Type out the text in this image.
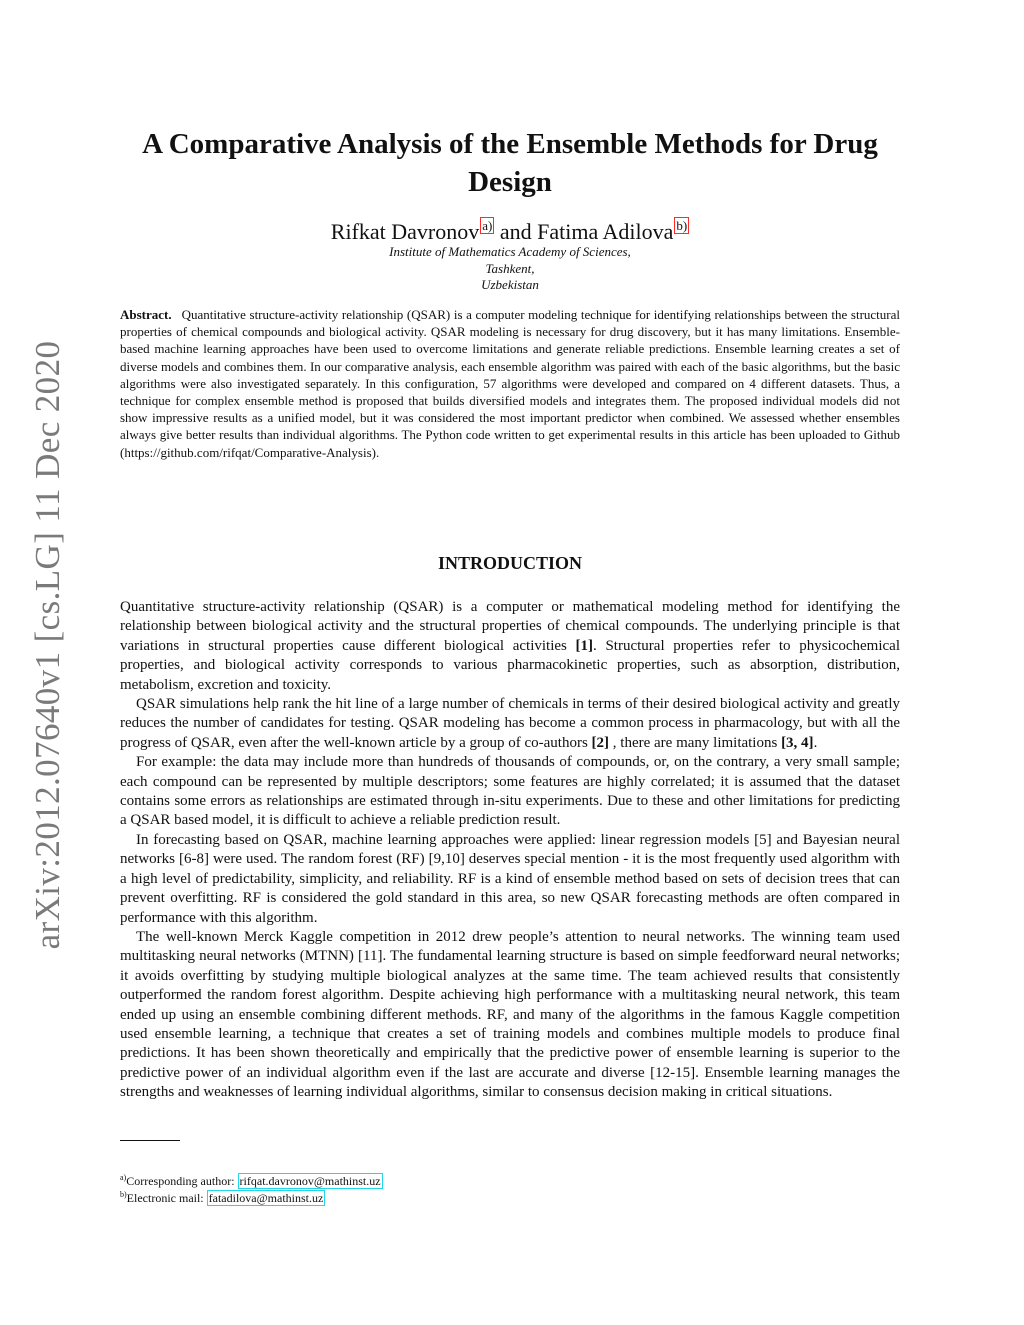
arXiv:2012.07640v1 [cs.LG] 11 Dec 2020
A Comparative Analysis of the Ensemble Methods for Drug Design
Rifkat Davronov $^{a)}$ and Fatima Adilova $^{b)}$
Institute of Mathematics Academy of Sciences,
Tashkent,
Uzbekistan

Abstract. Quantitative structure-activity relationship (QSAR) is a computer modeling technique for identifying relationships between the structural properties of chemical compounds and biological activity. QSAR modeling is necessary for drug discovery, but it has many limitations. Ensemble-based machine learning approaches have been used to overcome limitations and generate reliable predictions. Ensemble learning creates a set of diverse models and combines them. In our comparative analysis, each ensemble algorithm was paired with each of the basic algorithms, but the basic algorithms were also investigated separately. In this configuration, 57 algorithms were developed and compared on 4 different datasets. Thus, a technique for complex ensemble method is proposed that builds diversified models and integrates them. The proposed individual models did not show impressive results as a unified model, but it was considered the most important predictor when combined. We assessed whether ensembles always give better results than individual algorithms. The Python code written to get experimental results in this article has been uploaded to Github (https://github.com/rifqat/Comparative-Analysis).

INTRODUCTION

Quantitative structure-activity relationship (QSAR) is a computer or mathematical modeling method for identifying the relationship between biological activity and the structural properties of chemical compounds. The underlying principle is that variations in structural properties cause different biological activities [1]. Structural properties refer to physicochemical properties, and biological activity corresponds to various pharmacokinetic properties, such as absorption, distribution, metabolism, excretion and toxicity.

QSAR simulations help rank the hit line of a large number of chemicals in terms of their desired biological activity and greatly reduces the number of candidates for testing. QSAR modeling has become a common process in pharmacology, but with all the progress of QSAR, even after the well-known article by a group of co-authors [2] , there are many limitations [3, 4].

For example: the data may include more than hundreds of thousands of compounds, or, on the contrary, a very small sample; each compound can be represented by multiple descriptors; some features are highly correlated; it is assumed that the dataset contains some errors as relationships are estimated through in-situ experiments. Due to these and other limitations for predicting a QSAR based model, it is difficult to achieve a reliable prediction result.

In forecasting based on QSAR, machine learning approaches were applied: linear regression models [5] and Bayesian neural networks [6-8] were used. The random forest (RF) [9,10] deserves special mention - it is the most frequently used algorithm with a high level of predictability, simplicity, and reliability. RF is a kind of ensemble method based on sets of decision trees that can prevent overfitting. RF is considered the gold standard in this area, so new QSAR forecasting methods are often compared in performance with this algorithm.

The well-known Merck Kaggle competition in 2012 drew people’s attention to neural networks. The winning team used multitasking neural networks (MTNN) [11]. The fundamental learning structure is based on simple feedforward neural networks; it avoids overfitting by studying multiple biological analyzes at the same time. The team achieved results that consistently outperformed the random forest algorithm. Despite achieving high performance with a multitasking neural network, this team ended up using an ensemble combining different methods. RF, and many of the algorithms in the famous Kaggle competition used ensemble learning, a technique that creates a set of training models and combines multiple models to produce final predictions. It has been shown theoretically and empirically that the predictive power of ensemble learning is superior to the predictive power of an individual algorithm even if the last are accurate and diverse [12-15]. Ensemble learning manages the strengths and weaknesses of learning individual algorithms, similar to consensus decision making in critical situations.

$^{a)}$Corresponding author: rifqat.davronov@mathinst.uz
$^{b)}$Electronic mail: fatadilova@mathinst.uz
